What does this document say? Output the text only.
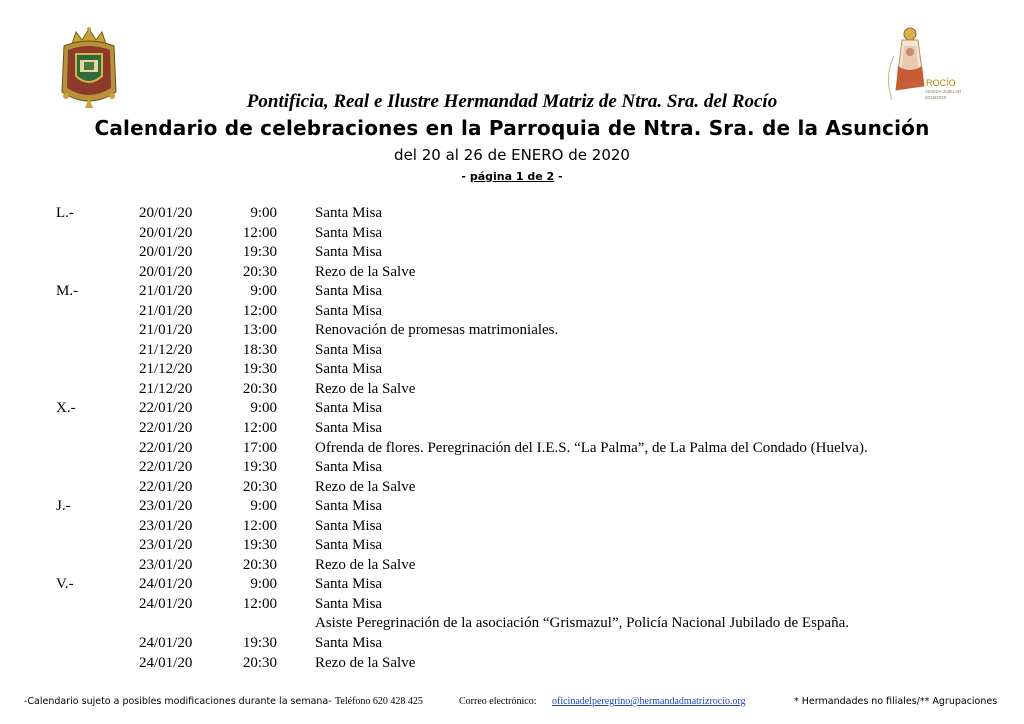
ROCÍO
VENIDA JUBILAR
2019/2020
Pontificia, Real e Ilustre Hermandad Matriz de Ntra. Sra. del Rocío
Calendario de celebraciones en la Parroquia de Ntra. Sra. de la Asunción
del 20 al 26 de ENERO de 2020
- página 1 de 2 -
L.-	20/01/20	9:00	Santa Misa
20/01/20	12:00	Santa Misa
20/01/20	19:30	Santa Misa
20/01/20	20:30	Rezo de la Salve
M.-	21/01/20	9:00	Santa Misa
21/01/20	12:00	Santa Misa
21/01/20	13:00	Renovación de promesas matrimoniales.
21/12/20	18:30	Santa Misa
21/12/20	19:30	Santa Misa
21/12/20	20:30	Rezo de la Salve
X.-	22/01/20	9:00	Santa Misa
22/01/20	12:00	Santa Misa
22/01/20	17:00	Ofrenda de flores. Peregrinación del I.E.S. “La Palma”, de La Palma del Condado (Huelva).
22/01/20	19:30	Santa Misa
22/01/20	20:30	Rezo de la Salve
J.-	23/01/20	9:00	Santa Misa
23/01/20	12:00	Santa Misa
23/01/20	19:30	Santa Misa
23/01/20	20:30	Rezo de la Salve
V.-	24/01/20	9:00	Santa Misa
24/01/20	12:00	Santa Misa
Asiste Peregrinación de la asociación “Grismazul”, Policía Nacional Jubilado de España.
24/01/20	19:30	Santa Misa
24/01/20	20:30	Rezo de la Salve
-Calendario sujeto a posibles modificaciones durante la semana- Teléfono 620 428 425	Correo electrónico: oficinadelperegrino@hermandadmatrizrocio.org	* Hermandades no filiales/** Agrupaciones
